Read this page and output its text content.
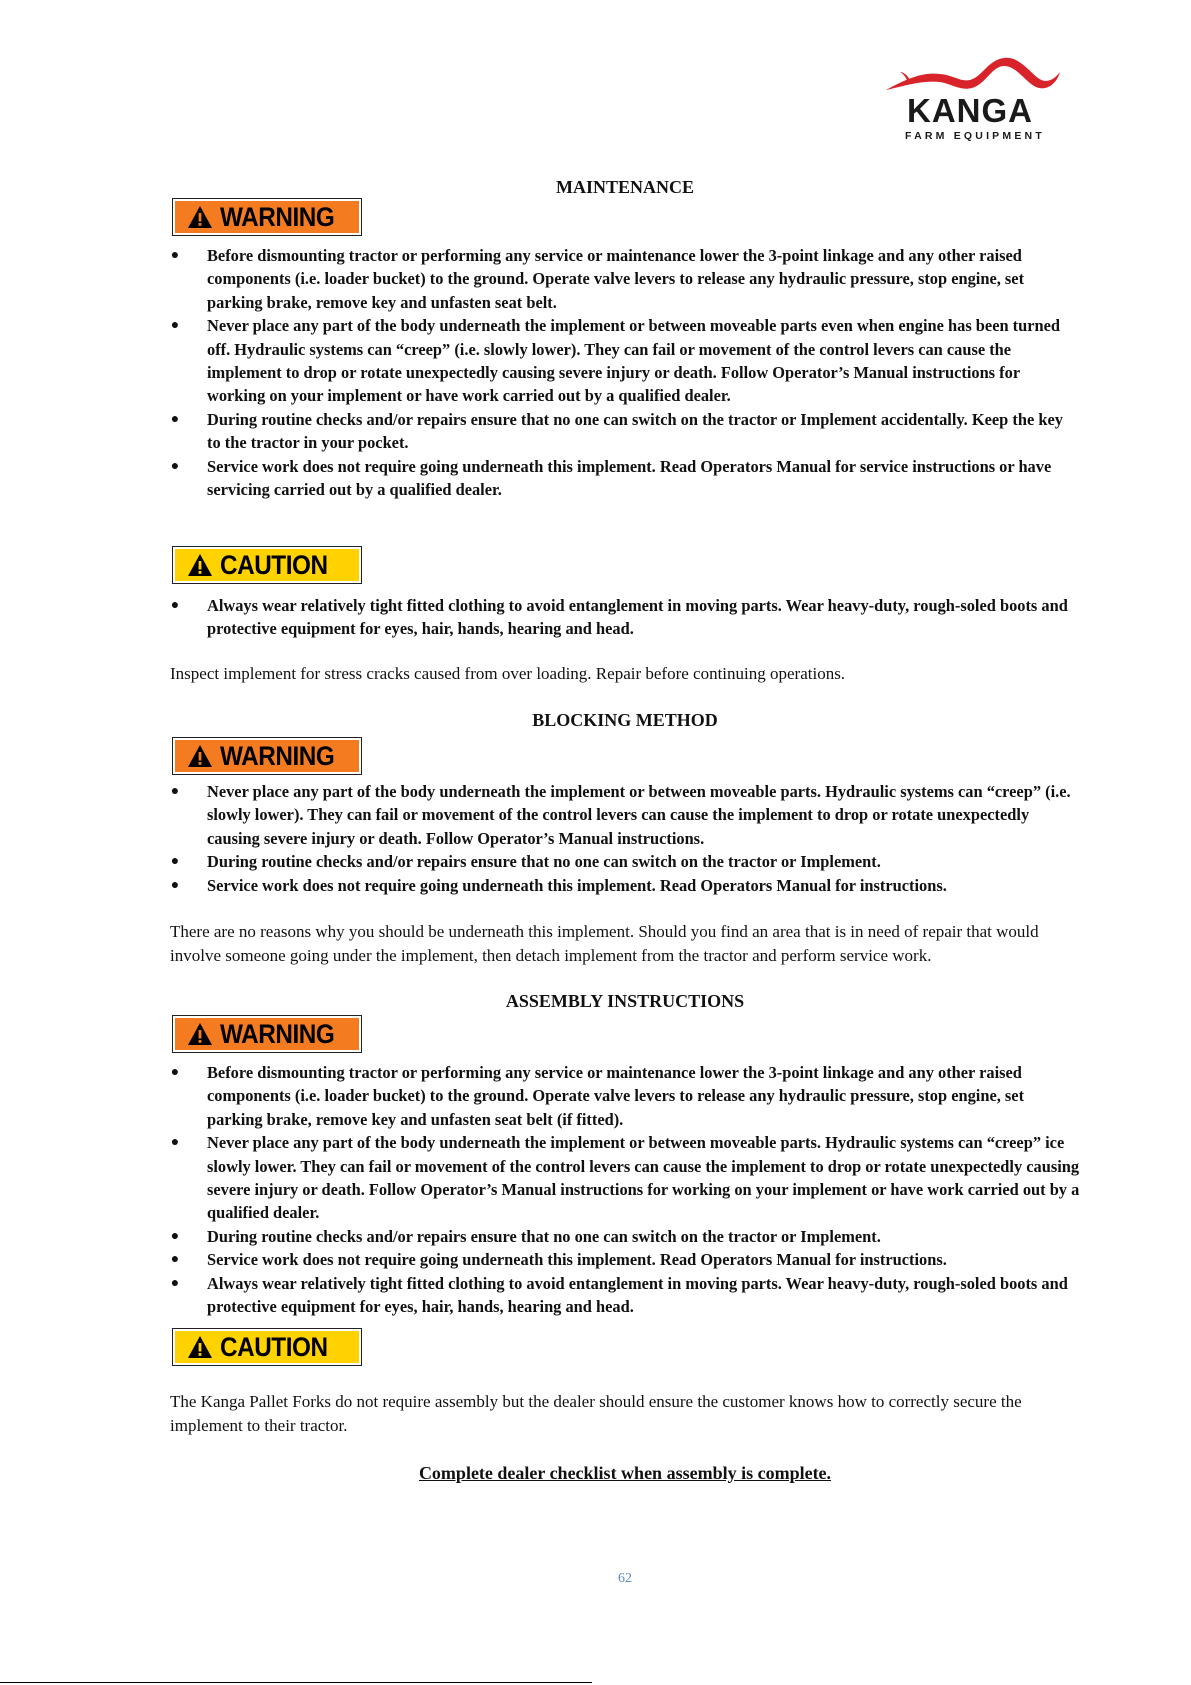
KANGA
FARM EQUIPMENT
MAINTENANCE
WARNING
● Before dismounting tractor or performing any service or maintenance lower the 3-point linkage and any other raised components (i.e. loader bucket) to the ground. Operate valve levers to release any hydraulic pressure, stop engine, set parking brake, remove key and unfasten seat belt.
● Never place any part of the body underneath the implement or between moveable parts even when engine has been turned off. Hydraulic systems can “creep” (i.e. slowly lower). They can fail or movement of the control levers can cause the implement to drop or rotate unexpectedly causing severe injury or death. Follow Operator’s Manual instructions for working on your implement or have work carried out by a qualified dealer.
● During routine checks and/or repairs ensure that no one can switch on the tractor or Implement accidentally. Keep the key to the tractor in your pocket.
● Service work does not require going underneath this implement. Read Operators Manual for service instructions or have servicing carried out by a qualified dealer.
CAUTION
● Always wear relatively tight fitted clothing to avoid entanglement in moving parts. Wear heavy-duty, rough-soled boots and protective equipment for eyes, hair, hands, hearing and head.

Inspect implement for stress cracks caused from over loading. Repair before continuing operations.

BLOCKING METHOD
WARNING
● Never place any part of the body underneath the implement or between moveable parts. Hydraulic systems can “creep” (i.e. slowly lower). They can fail or movement of the control levers can cause the implement to drop or rotate unexpectedly causing severe injury or death. Follow Operator’s Manual instructions.
● During routine checks and/or repairs ensure that no one can switch on the tractor or Implement.
● Service work does not require going underneath this implement. Read Operators Manual for instructions.

There are no reasons why you should be underneath this implement. Should you find an area that is in need of repair that would involve someone going under the implement, then detach implement from the tractor and perform service work.

ASSEMBLY INSTRUCTIONS
WARNING
● Before dismounting tractor or performing any service or maintenance lower the 3-point linkage and any other raised components (i.e. loader bucket) to the ground. Operate valve levers to release any hydraulic pressure, stop engine, set parking brake, remove key and unfasten seat belt (if fitted).
● Never place any part of the body underneath the implement or between moveable parts. Hydraulic systems can “creep” ice slowly lower. They can fail or movement of the control levers can cause the implement to drop or rotate unexpectedly causing severe injury or death. Follow Operator’s Manual instructions for working on your implement or have work carried out by a qualified dealer.
● During routine checks and/or repairs ensure that no one can switch on the tractor or Implement.
● Service work does not require going underneath this implement. Read Operators Manual for instructions.
● Always wear relatively tight fitted clothing to avoid entanglement in moving parts. Wear heavy-duty, rough-soled boots and protective equipment for eyes, hair, hands, hearing and head.
CAUTION

The Kanga Pallet Forks do not require assembly but the dealer should ensure the customer knows how to correctly secure the implement to their tractor.

Complete dealer checklist when assembly is complete.
62
